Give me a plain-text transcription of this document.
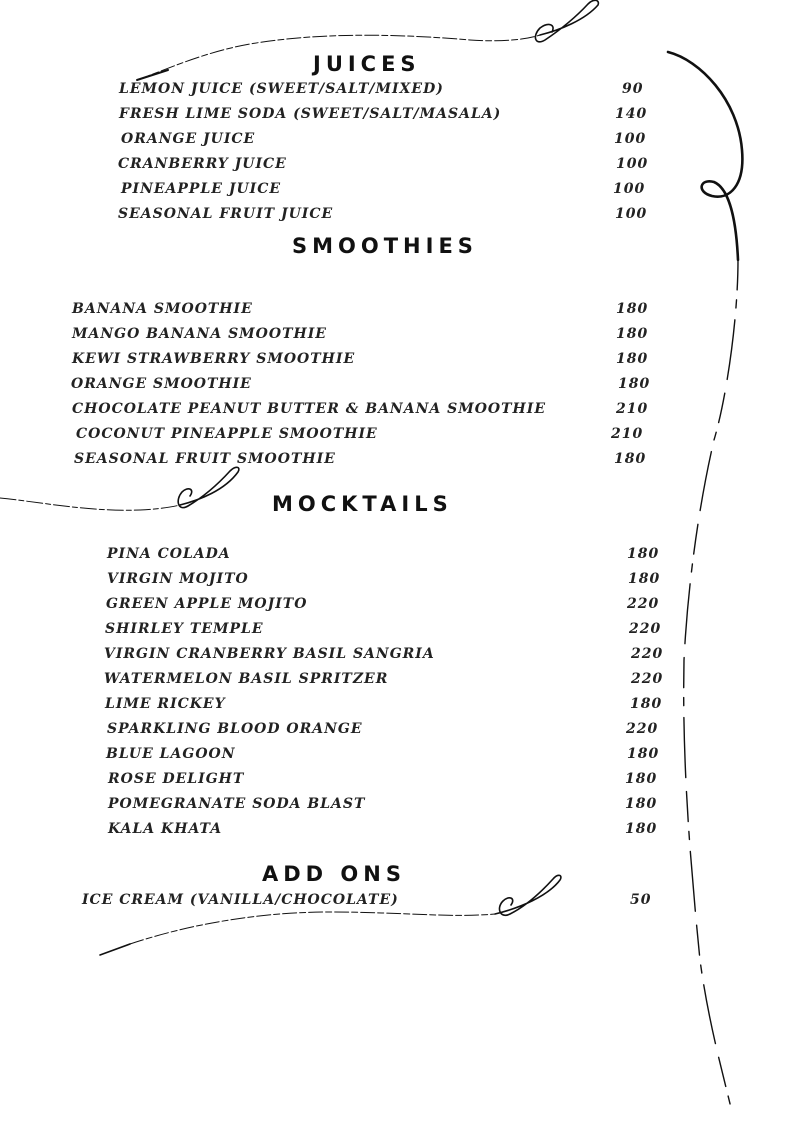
JUICES
LEMON JUICE (SWEET/SALT/MIXED)	90
FRESH LIME SODA (SWEET/SALT/MASALA)	140
ORANGE JUICE	100
CRANBERRY JUICE	100
PINEAPPLE JUICE	100
SEASONAL FRUIT JUICE	100
SMOOTHIES
BANANA SMOOTHIE	180
MANGO BANANA SMOOTHIE	180
KEWI STRAWBERRY SMOOTHIE	180
ORANGE SMOOTHIE	180
CHOCOLATE PEANUT BUTTER & BANANA SMOOTHIE	210
COCONUT PINEAPPLE SMOOTHIE	210
SEASONAL FRUIT SMOOTHIE	180
MOCKTAILS
PINA COLADA	180
VIRGIN MOJITO	180
GREEN APPLE MOJITO	220
SHIRLEY TEMPLE	220
VIRGIN CRANBERRY BASIL SANGRIA	220
WATERMELON BASIL SPRITZER	220
LIME RICKEY	180
SPARKLING BLOOD ORANGE	220
BLUE LAGOON	180
ROSE DELIGHT	180
POMEGRANATE SODA BLAST	180
KALA KHATA	180
ADD ONS
ICE CREAM (VANILLA/CHOCOLATE)	50
